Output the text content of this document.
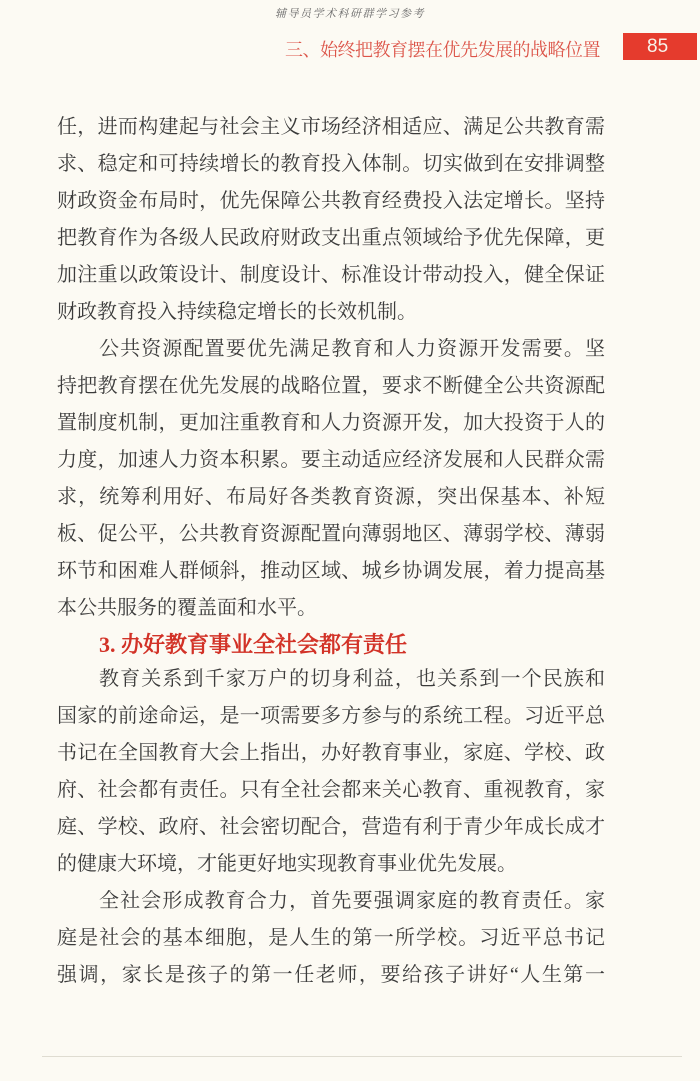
辅导员学术科研群学习参考
三、始终把教育摆在优先发展的战略位置 85
任，进而构建起与社会主义市场经济相适应、满足公共教育需
求、稳定和可持续增长的教育投入体制。切实做到在安排调整
财政资金布局时，优先保障公共教育经费投入法定增长。坚持
把教育作为各级人民政府财政支出重点领域给予优先保障，更
加注重以政策设计、制度设计、标准设计带动投入，健全保证
财政教育投入持续稳定增长的长效机制。
公共资源配置要优先满足教育和人力资源开发需要。坚
持把教育摆在优先发展的战略位置，要求不断健全公共资源配
置制度机制，更加注重教育和人力资源开发，加大投资于人的
力度，加速人力资本积累。要主动适应经济发展和人民群众需
求，统筹利用好、布局好各类教育资源，突出保基本、补短
板、促公平，公共教育资源配置向薄弱地区、薄弱学校、薄弱
环节和困难人群倾斜，推动区域、城乡协调发展，着力提高基
本公共服务的覆盖面和水平。
3. 办好教育事业全社会都有责任
教育关系到千家万户的切身利益，也关系到一个民族和
国家的前途命运，是一项需要多方参与的系统工程。习近平总
书记在全国教育大会上指出，办好教育事业，家庭、学校、政
府、社会都有责任。只有全社会都来关心教育、重视教育，家
庭、学校、政府、社会密切配合，营造有利于青少年成长成才
的健康大环境，才能更好地实现教育事业优先发展。
全社会形成教育合力，首先要强调家庭的教育责任。家
庭是社会的基本细胞，是人生的第一所学校。习近平总书记
强调，家长是孩子的第一任老师，要给孩子讲好“人生第一
